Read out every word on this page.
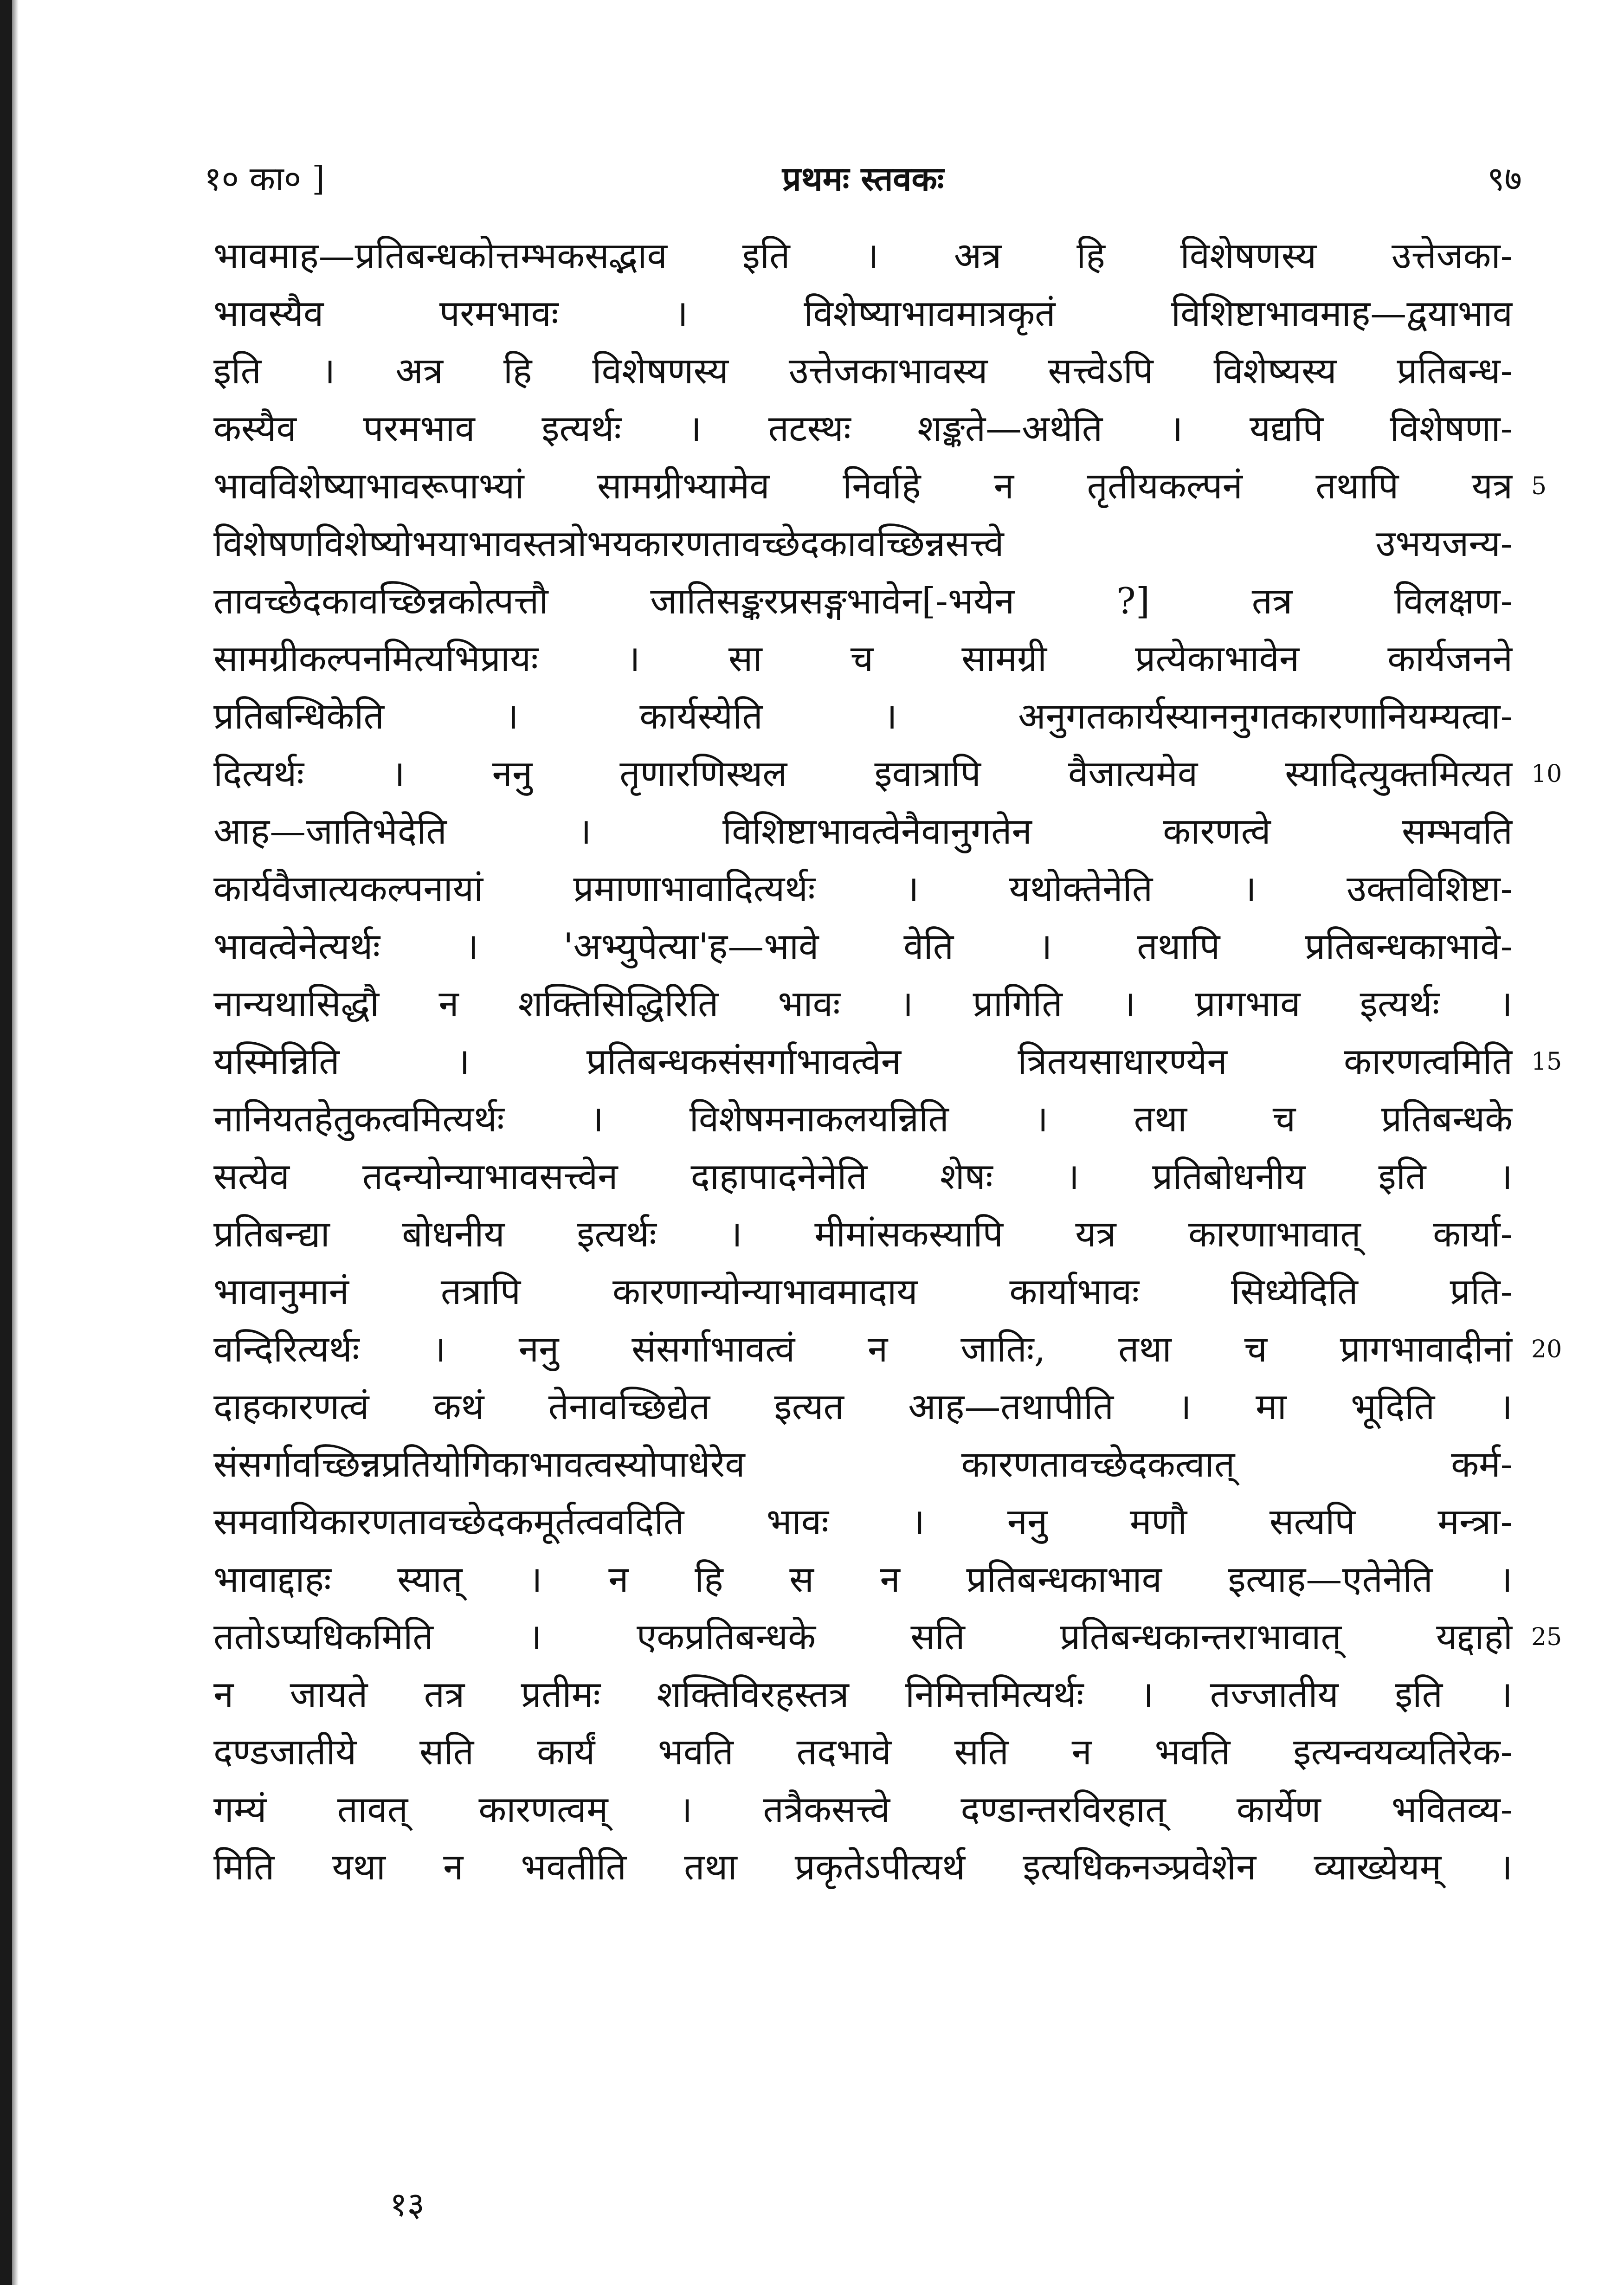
१० का० ]	प्रथमः स्तवकः	९७
भावमाह—प्रतिबन्धकोत्तम्भकसद्भाव इति । अत्र हि विशेषणस्य उत्तेजका-
भावस्यैव परमभावः । विशेष्याभावमात्रकृतं विशिष्टाभावमाह—द्वयाभाव
इति । अत्र हि विशेषणस्य उत्तेजकाभावस्य सत्त्वेऽपि विशेष्यस्य प्रतिबन्ध-
कस्यैव परमभाव इत्यर्थः । तटस्थः शङ्कते—अथेति । यद्यपि विशेषणा-
भावविशेष्याभावरूपाभ्यां सामग्रीभ्यामेव निर्वाहे न तृतीयकल्पनं तथापि यत्र
विशेषणविशेष्योभयाभावस्तत्रोभयकारणतावच्छेदकावच्छिन्नसत्त्वे उभयजन्य-
तावच्छेदकावच्छिन्नकोत्पत्तौ जातिसङ्करप्रसङ्गभावेन[-भयेन ?] तत्र विलक्षण-
सामग्रीकल्पनमित्यभिप्रायः । सा च सामग्री प्रत्येकाभावेन कार्यजनने
प्रतिबन्धिकेति । कार्यस्येति । अनुगतकार्यस्याननुगतकारणानियम्यत्वा-
दित्यर्थः । ननु तृणारणिस्थल इवात्रापि वैजात्यमेव स्यादित्युक्तमित्यत
आह—जातिभेदेति । विशिष्टाभावत्वेनैवानुगतेन कारणत्वे सम्भवति
कार्यवैजात्यकल्पनायां प्रमाणाभावादित्यर्थः । यथोक्तेनेति । उक्तविशिष्टा-
भावत्वेनेत्यर्थः । 'अभ्युपेत्या'ह—भावे वेति । तथापि प्रतिबन्धकाभावे-
नान्यथासिद्धौ न शक्तिसिद्धिरिति भावः । प्रागिति । प्रागभाव इत्यर्थः ।
यस्मिन्निति । प्रतिबन्धकसंसर्गाभावत्वेन त्रितयसाधारण्येन कारणत्वमिति
नानियतहेतुकत्वमित्यर्थः । विशेषमनाकलयन्निति । तथा च प्रतिबन्धके
सत्येव तदन्योन्याभावसत्त्वेन दाहापादनेनेति शेषः । प्रतिबोधनीय इति ।
प्रतिबन्द्या बोधनीय इत्यर्थः । मीमांसकस्यापि यत्र कारणाभावात् कार्या-
भावानुमानं तत्रापि कारणान्योन्याभावमादाय कार्याभावः सिध्येदिति प्रति-
वन्दिरित्यर्थः । ननु संसर्गाभावत्वं न जातिः, तथा च प्रागभावादीनां
दाहकारणत्वं कथं तेनावच्छिद्येत इत्यत आह—तथापीति । मा भूदिति ।
संसर्गावच्छिन्नप्रतियोगिकाभावत्वस्योपाधेरेव कारणतावच्छेदकत्वात् कर्म-
समवायिकारणतावच्छेदकमूर्तत्ववदिति भावः । ननु मणौ सत्यपि मन्त्रा-
भावाद्दाहः स्यात् । न हि स न प्रतिबन्धकाभाव इत्याह—एतेनेति ।
ततोऽप्यधिकमिति । एकप्रतिबन्धके सति प्रतिबन्धकान्तराभावात् यद्दाहो
न जायते तत्र प्रतीमः शक्तिविरहस्तत्र निमित्तमित्यर्थः । तज्जातीय इति ।
दण्डजातीये सति कार्यं भवति तदभावे सति न भवति इत्यन्वयव्यतिरेक-
गम्यं तावत् कारणत्वम् । तत्रैकसत्त्वे दण्डान्तरविरहात् कार्येण भवितव्य-
मिति यथा न भवतीति तथा प्रकृतेऽपीत्यर्थ इत्यधिकनञ्प्रवेशेन व्याख्येयम् ।
5
10
15
20
25
१३
